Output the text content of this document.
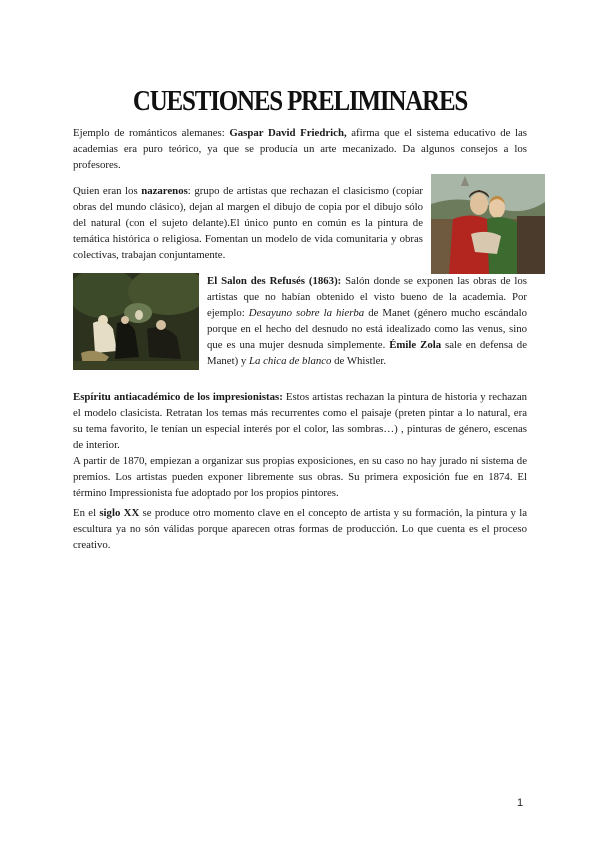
CUESTIONES PRELIMINARES
Ejemplo de románticos alemanes: Gaspar David Friedrich, afirma que el sistema educativo de las academias era puro teórico, ya que se producía un arte mecanizado. Da algunos consejos a los profesores.
Quien eran los nazarenos: grupo de artistas que rechazan el clasicismo (copiar obras del mundo clásico), dejan al margen el dibujo de copia por el dibujo sólo del natural (con el sujeto delante).El único punto en común es la pintura de temática histórica o religiosa. Fomentan un modelo de vida comunitaria y obras colectivas, trabajan conjuntamente.
El Salon des Refusés (1863): Salón donde se exponen las obras de los artistas que no habían obtenido el visto bueno de la academia. Por ejemplo: Desayuno sobre la hierba de Manet (género mucho escándalo porque en el hecho del desnudo no está idealizado como las venus, sino que es una mujer desnuda simplemente. Émile Zola sale en defensa de Manet) y La chica de blanco de Whistler.
Espíritu antiacadémico de los impresionistas: Estos artistas rechazan la pintura de historia y rechazan el modelo clasicista. Retratan los temas más recurrentes como el paisaje (preten pintar a lo natural, era su tema favorito, le tenían un especial interés por el color, las sombras…) , pinturas de género, escenas de interior.
A partir de 1870, empiezan a organizar sus propias exposiciones, en su caso no hay jurado ni sistema de premios. Los artistas pueden exponer libremente sus obras. Su primera exposición fue en 1874. El término Impressionista fue adoptado por los propios pintores.
En el siglo XX se produce otro momento clave en el concepto de artista y su formación, la pintura y la escultura ya no són válidas porque aparecen otras formas de producción. Lo que cuenta es el proceso creativo.
1
